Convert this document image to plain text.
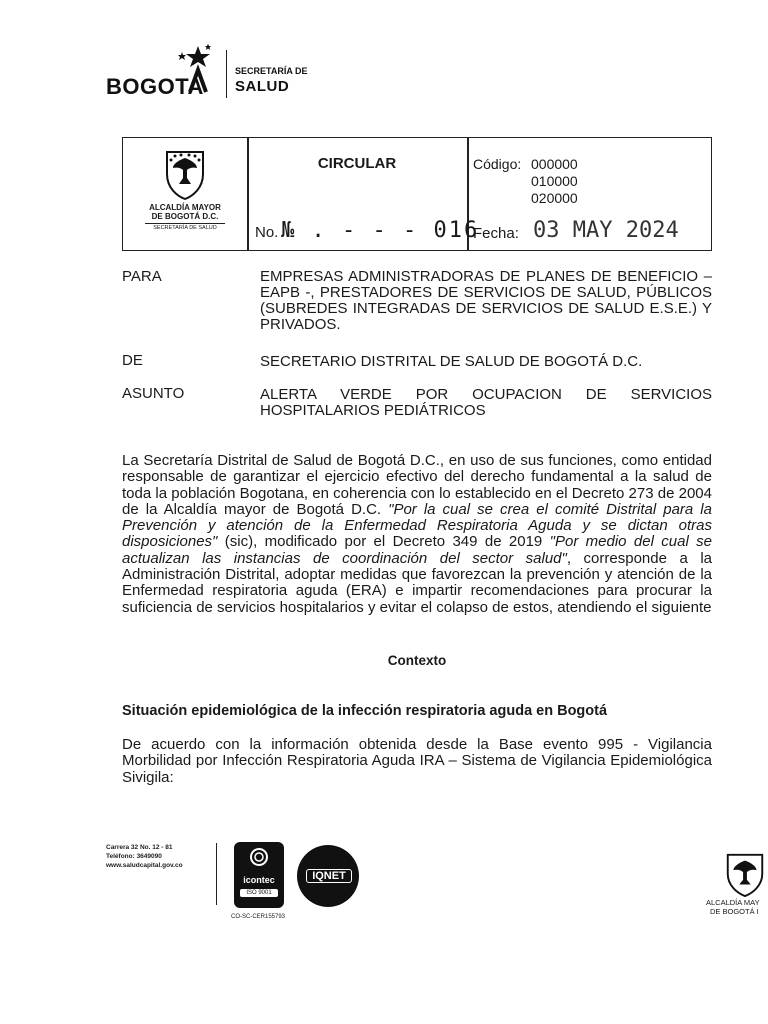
BOGOTA
SECRETARÍA DE
SALUD
ALCALDÍA MAYOR
DE BOGOTÁ D.C.
SECRETARÍA DE SALUD
CIRCULAR
No. № . - - - 016
Código: 000000
010000
020000
Fecha: 03 MAY 2024
PARA	EMPRESAS ADMINISTRADORAS DE PLANES DE BENEFICIO – EAPB -, PRESTADORES DE SERVICIOS DE SALUD, PÚBLICOS (SUBREDES INTEGRADAS DE SERVICIOS DE SALUD E.S.E.) Y PRIVADOS.
DE	SECRETARIO DISTRITAL DE SALUD DE BOGOTÁ D.C.
ASUNTO	ALERTA VERDE POR OCUPACION DE SERVICIOS HOSPITALARIOS PEDIÁTRICOS
La Secretaría Distrital de Salud de Bogotá D.C., en uso de sus funciones, como entidad responsable de garantizar el ejercicio efectivo del derecho fundamental a la salud de toda la población Bogotana, en coherencia con lo establecido en el Decreto 273 de 2004 de la Alcaldía mayor de Bogotá D.C. "Por la cual se crea el comité Distrital para la Prevención y atención de la Enfermedad Respiratoria Aguda y se dictan otras disposiciones" (sic), modificado por el Decreto 349 de 2019 "Por medio del cual se actualizan las instancias de coordinación del sector salud", corresponde a la Administración Distrital, adoptar medidas que favorezcan la prevención y atención de la Enfermedad respiratoria aguda (ERA) e impartir recomendaciones para procurar la suficiencia de servicios hospitalarios y evitar el colapso de estos, atendiendo el siguiente
Contexto
Situación epidemiológica de la infección respiratoria aguda en Bogotá
De acuerdo con la información obtenida desde la Base evento 995 - Vigilancia Morbilidad por Infección Respiratoria Aguda IRA – Sistema de Vigilancia Epidemiológica Sivigila:
Carrera 32 No. 12 - 81
Teléfono: 3649090
www.saludcapital.gov.co
icontec
ISO 9001
IQNET
CO-SC-CER155793
ALCALDÍA MAY
DE BOGOTÁ I
